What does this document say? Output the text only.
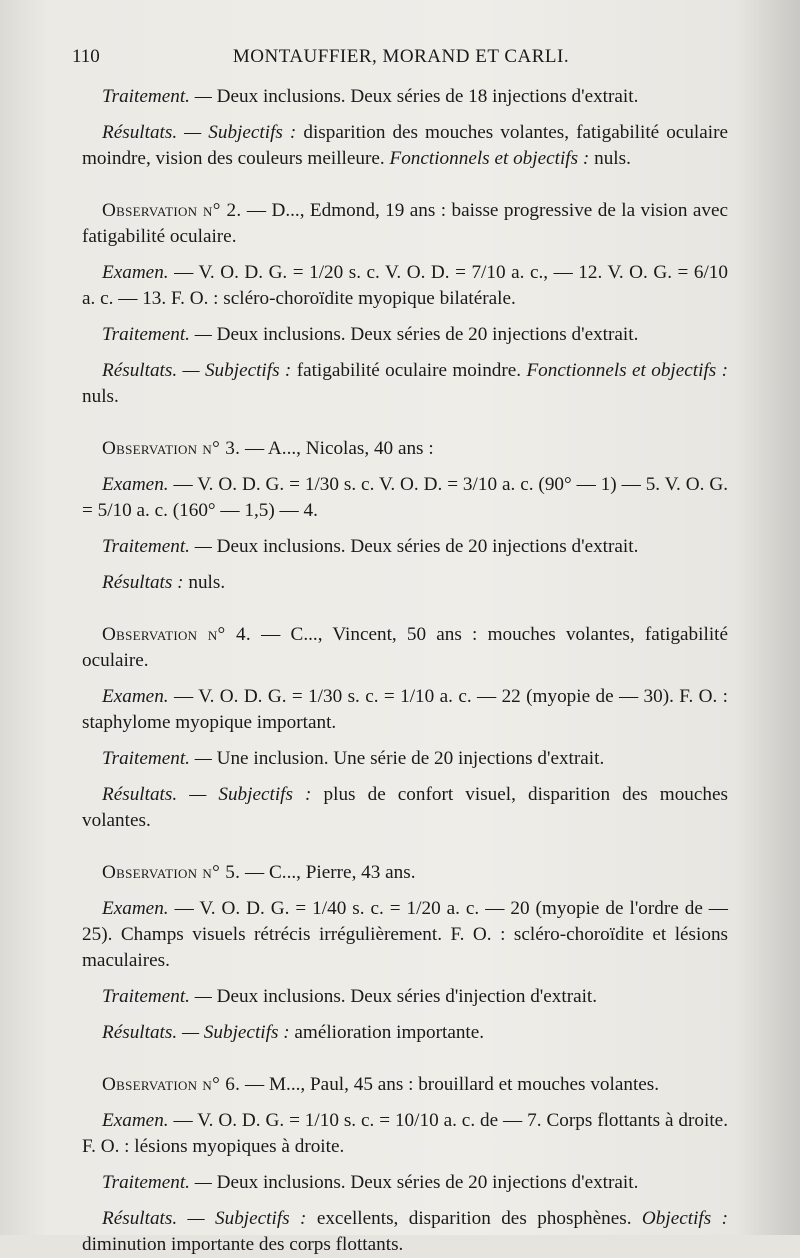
110	MONTAUFFIER, MORAND ET CARLI.

Traitement. — Deux inclusions. Deux séries de 18 injections d'extrait.

Résultats. — Subjectifs : disparition des mouches volantes, fatigabilité oculaire moindre, vision des couleurs meilleure. Fonctionnels et objectifs : nuls.

Observation n° 2. — D..., Edmond, 19 ans : baisse progressive de la vision avec fatigabilité oculaire.

Examen. — V. O. D. G. = 1/20 s. c. V. O. D. = 7/10 a. c., — 12. V. O. G. = 6/10 a. c. — 13. F. O. : scléro-choroïdite myopique bilatérale.

Traitement. — Deux inclusions. Deux séries de 20 injections d'extrait.

Résultats. — Subjectifs : fatigabilité oculaire moindre. Fonctionnels et objectifs : nuls.

Observation n° 3. — A..., Nicolas, 40 ans :

Examen. — V. O. D. G. = 1/30 s. c. V. O. D. = 3/10 a. c. (90° — 1) — 5. V. O. G. = 5/10 a. c. (160° — 1,5) — 4.

Traitement. — Deux inclusions. Deux séries de 20 injections d'extrait.

Résultats : nuls.

Observation n° 4. — C..., Vincent, 50 ans : mouches volantes, fatigabilité oculaire.

Examen. — V. O. D. G. = 1/30 s. c. = 1/10 a. c. — 22 (myopie de — 30). F. O. : staphylome myopique important.

Traitement. — Une inclusion. Une série de 20 injections d'extrait.

Résultats. — Subjectifs : plus de confort visuel, disparition des mouches volantes.

Observation n° 5. — C..., Pierre, 43 ans.

Examen. — V. O. D. G. = 1/40 s. c. = 1/20 a. c. — 20 (myopie de l'ordre de — 25). Champs visuels rétrécis irrégulièrement. F. O. : scléro-choroïdite et lésions maculaires.

Traitement. — Deux inclusions. Deux séries d'injection d'extrait.

Résultats. — Subjectifs : amélioration importante.

Observation n° 6. — M..., Paul, 45 ans : brouillard et mouches volantes.

Examen. — V. O. D. G. = 1/10 s. c. = 10/10 a. c. de — 7. Corps flottants à droite. F. O. : lésions myopiques à droite.

Traitement. — Deux inclusions. Deux séries de 20 injections d'extrait.

Résultats. — Subjectifs : excellents, disparition des phosphènes. Objectifs : diminution importante des corps flottants.
